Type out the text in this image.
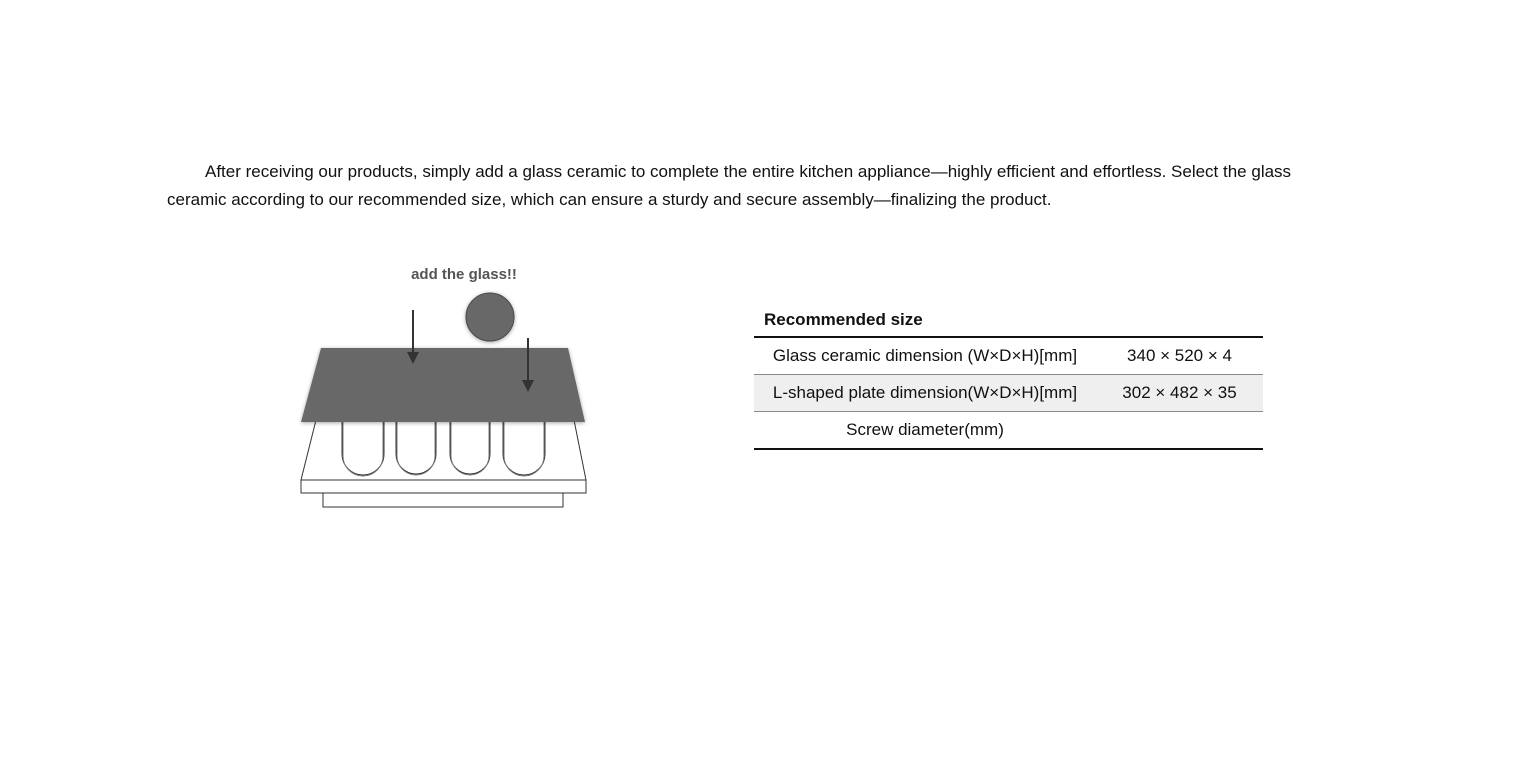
After receiving our products, simply add a glass ceramic to complete the entire kitchen appliance—highly efficient and effortless. Select the glass ceramic according to our recommended size, which can ensure a sturdy and secure assembly—finalizing the product.

add the glass!!
Recommended size
Glass ceramic dimension (W×D×H)[mm]	340 × 520 × 4
L-shaped plate dimension(W×D×H)[mm]	302 × 482 × 35
Screw diameter(mm)	
